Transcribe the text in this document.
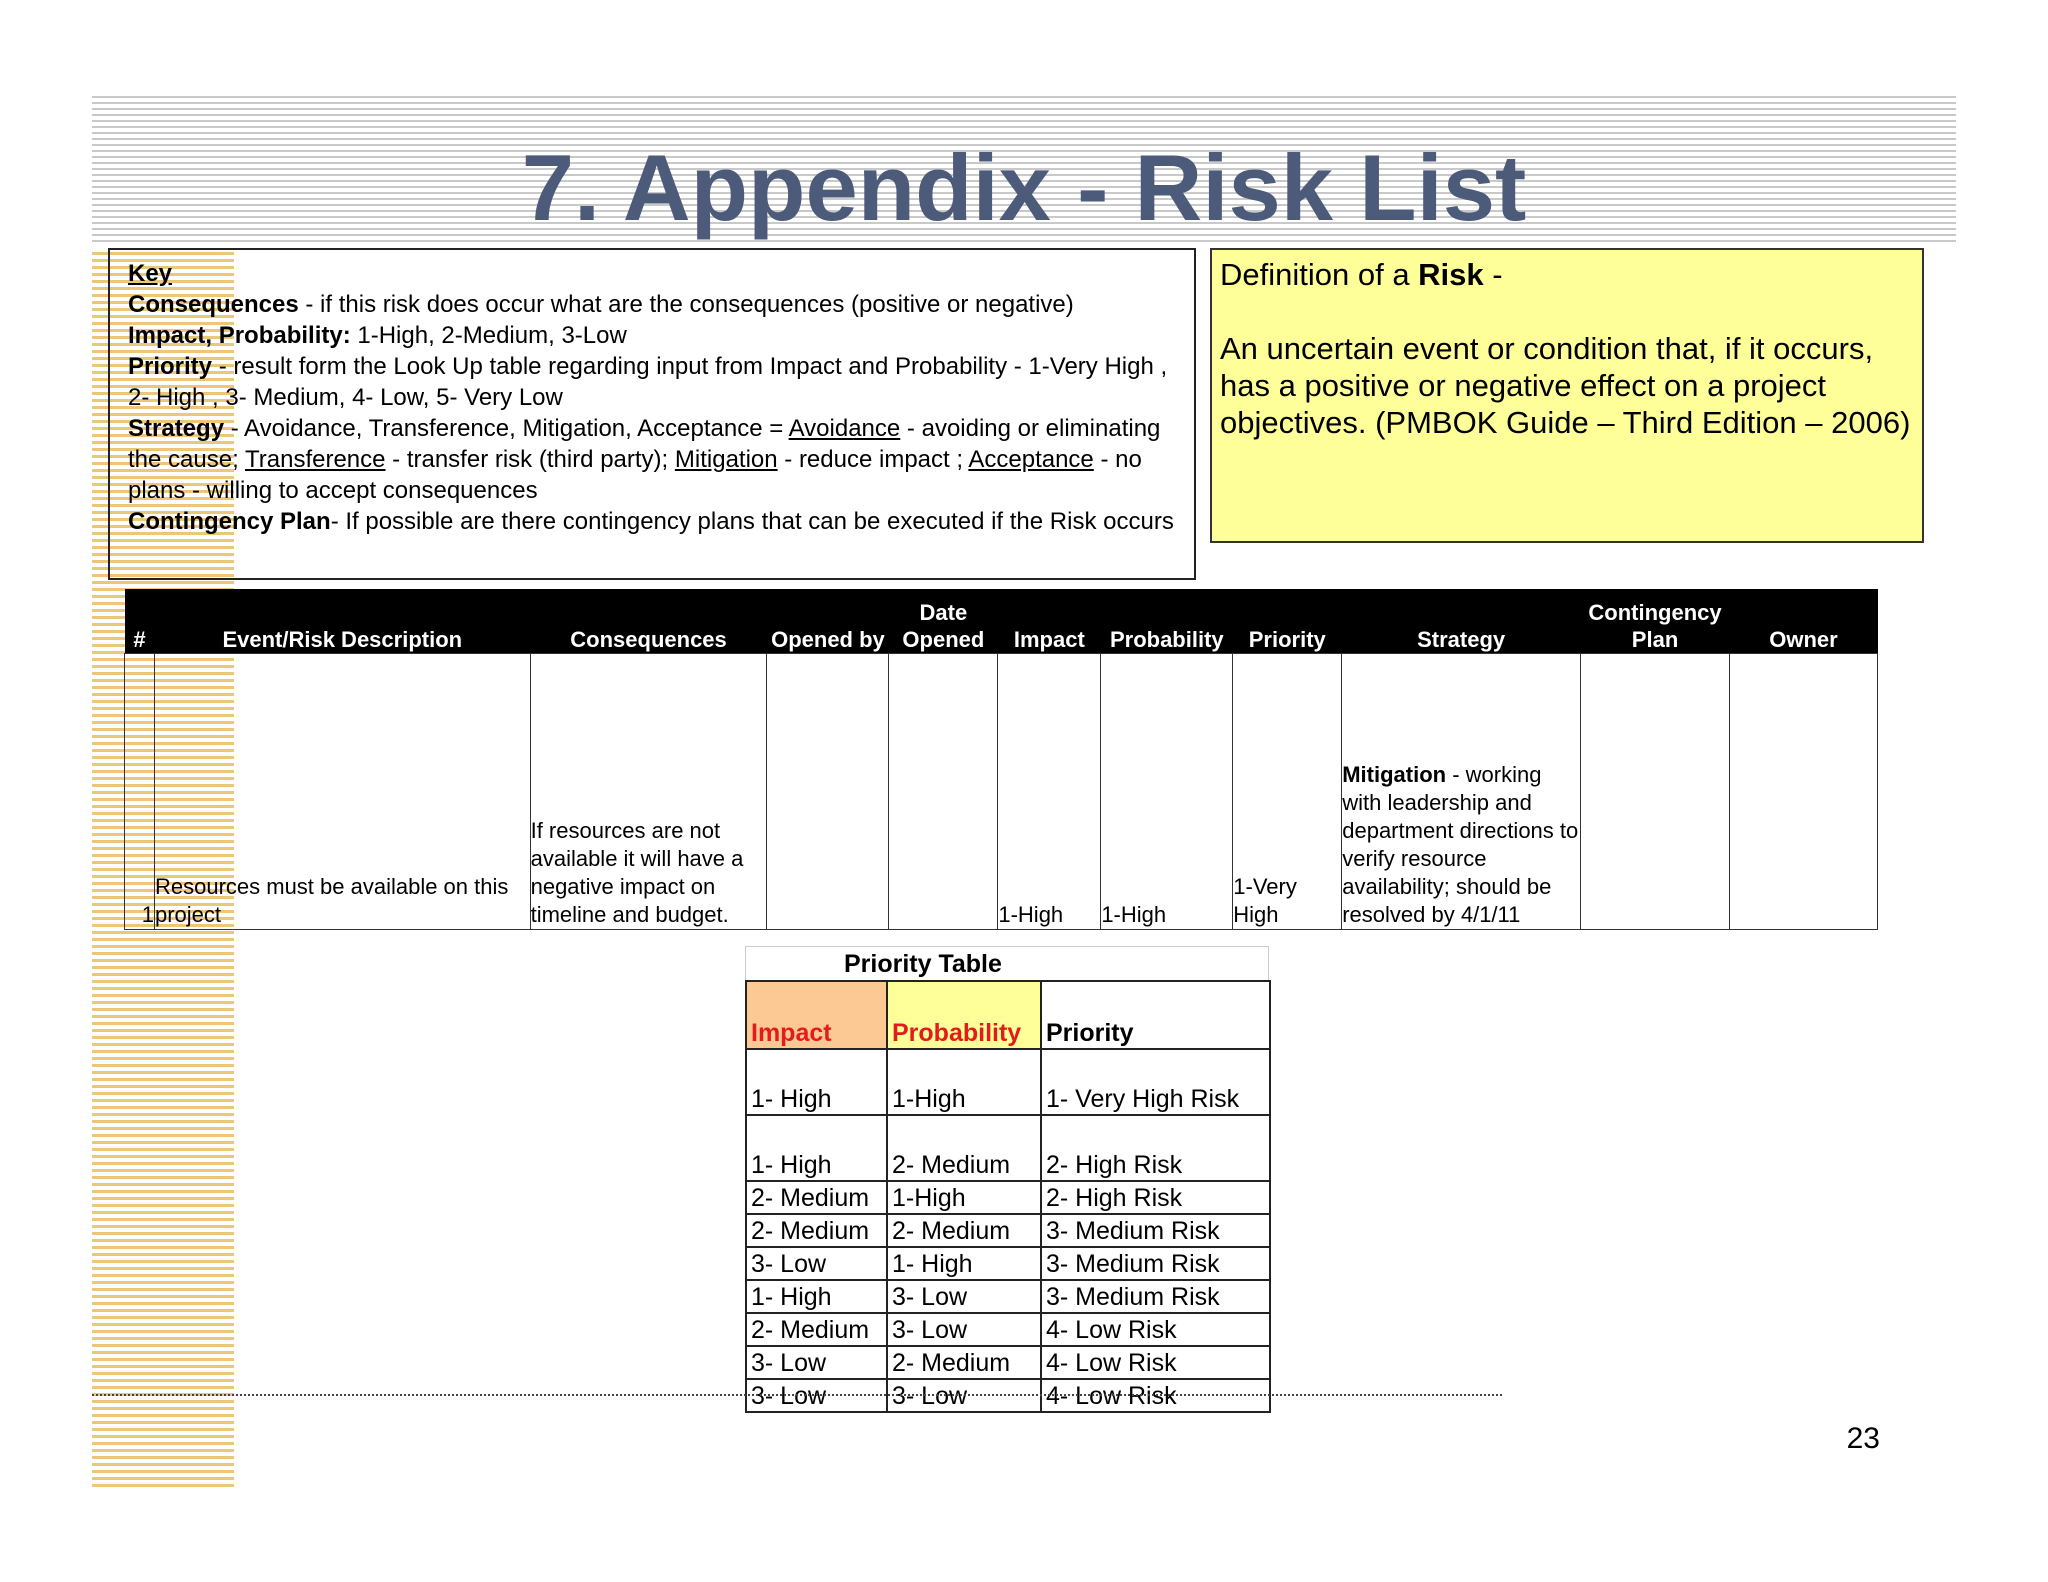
7. Appendix - Risk List
Key
Consequences - if this risk does occur what are the consequences (positive or negative)
Impact, Probability: 1-High, 2-Medium, 3-Low
Priority - result form the Look Up table regarding input from Impact and Probability - 1-Very High , 2- High , 3- Medium, 4- Low, 5- Very Low
Strategy - Avoidance, Transference, Mitigation, Acceptance = Avoidance - avoiding or eliminating the cause; Transference - transfer risk (third party); Mitigation - reduce impact ; Acceptance - no plans - willing to accept consequences
Contingency Plan- If possible are there contingency plans that can be executed if the Risk occurs
Definition of a Risk -
An uncertain event or condition that, if it occurs, has a positive or negative effect on a project objectives. (PMBOK Guide – Third Edition – 2006)
#	Event/Risk Description	Consequences	Opened by	Date Opened	Impact	Probability	Priority	Strategy	Contingency Plan	Owner
1	Resources must be available on this project	If resources are not available it will have a negative impact on timeline and budget.			1-High	1-High	1-Very High	Mitigation - working with leadership and department directions to verify resource availability; should be resolved by 4/1/11		
Priority Table
Impact	Probability	Priority
1- High	1-High	1- Very High Risk
1- High	2- Medium	2- High Risk
2- Medium	1-High	2- High Risk
2- Medium	2- Medium	3- Medium Risk
3- Low	1- High	3- Medium Risk
1- High	3- Low	3- Medium Risk
2- Medium	3- Low	4- Low Risk
3- Low	2- Medium	4- Low Risk
3- Low	3- Low	4- Low Risk
23
